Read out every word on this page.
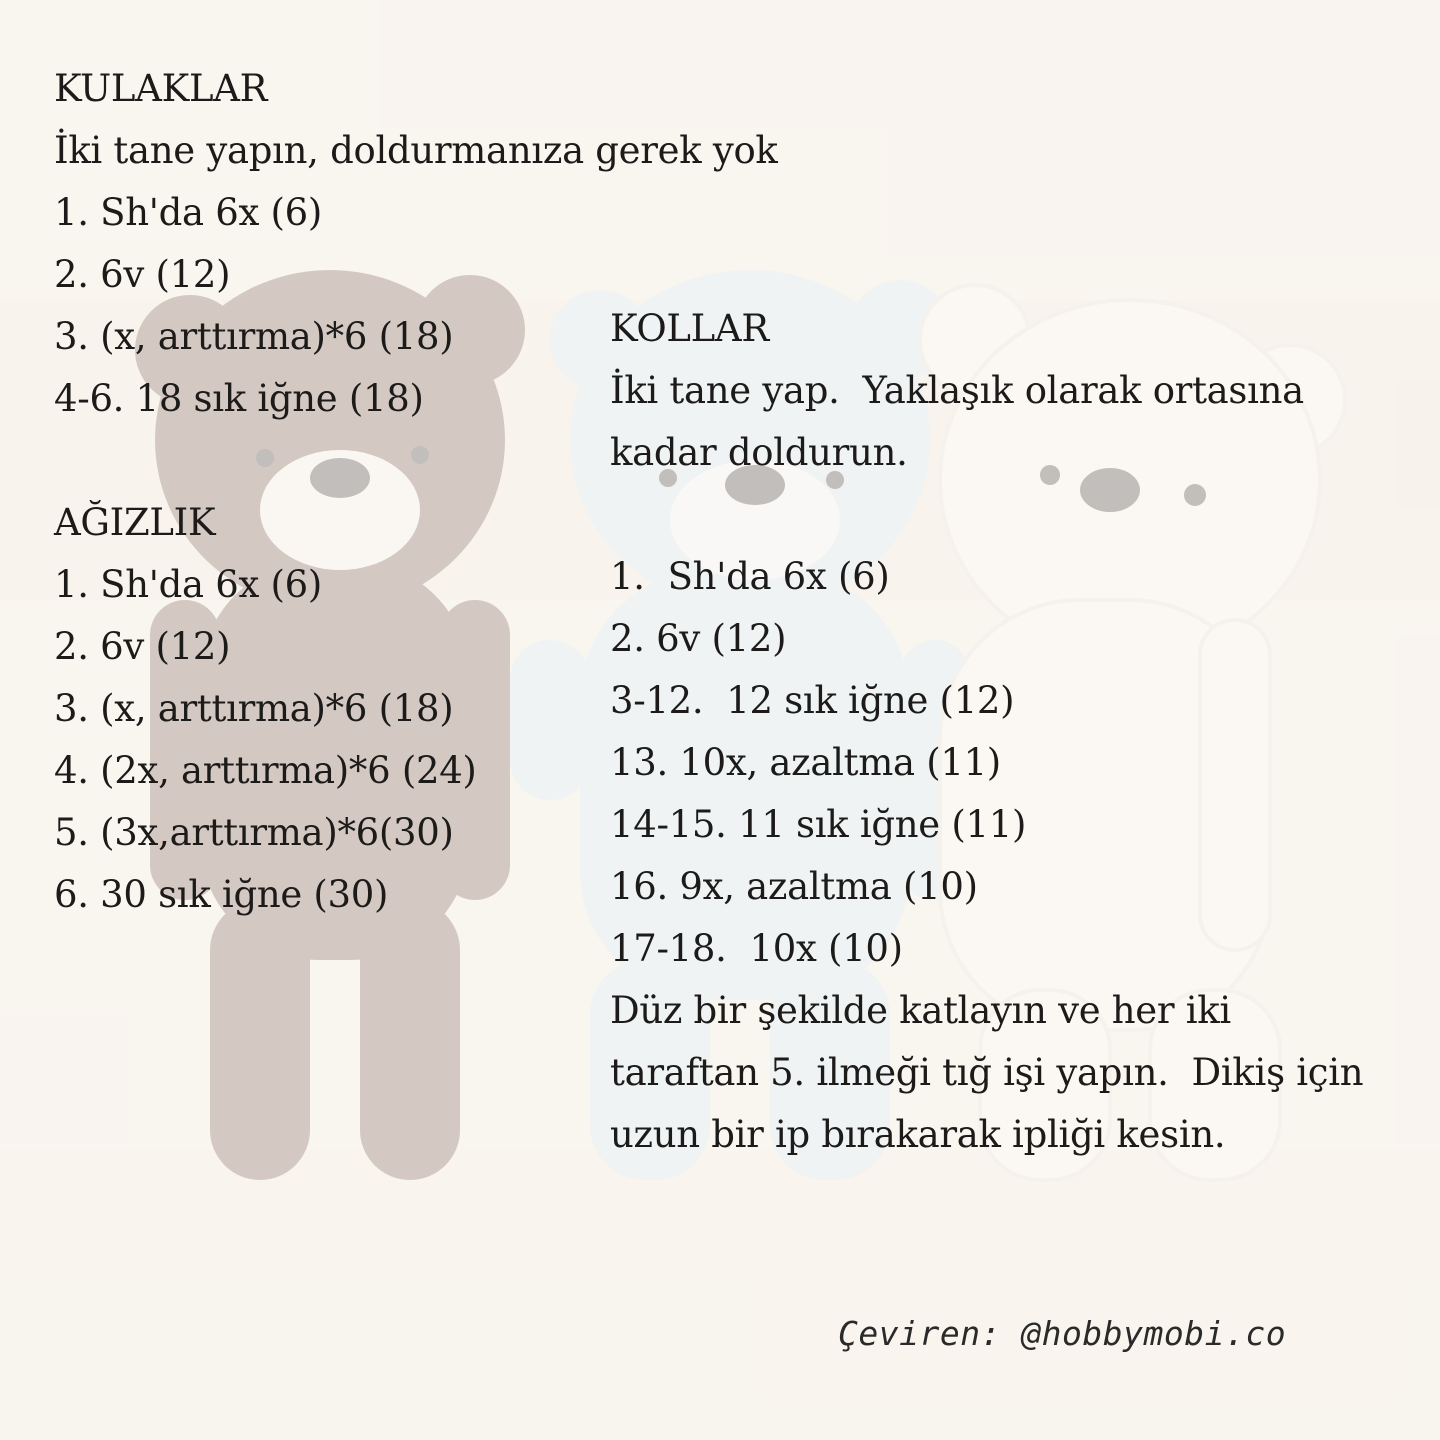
KULAKLAR
İki tane yapın, doldurmanıza gerek yok
1. Sh'da 6x (6)
2. 6v (12)
3. (x, arttırma)*6 (18)
4-6. 18 sık iğne (18)
AĞIZLIK
1. Sh'da 6x (6)
2. 6v (12)
3. (x, arttırma)*6 (18)
4. (2x, arttırma)*6 (24)
5. (3x,arttırma)*6(30)
6. 30 sık iğne (30)
KOLLAR
İki tane yap.  Yaklaşık olarak ortasına
kadar doldurun.
1.  Sh'da 6x (6)
2. 6v (12)
3-12.  12 sık iğne (12)
13. 10x, azaltma (11)
14-15. 11 sık iğne (11)
16. 9x, azaltma (10)
17-18.  10x (10)
Düz bir şekilde katlayın ve her iki
taraftan 5. ilmeği tığ işi yapın.  Dikiş için
uzun bir ip bırakarak ipliği kesin.
Çeviren: @hobbymobi.co
